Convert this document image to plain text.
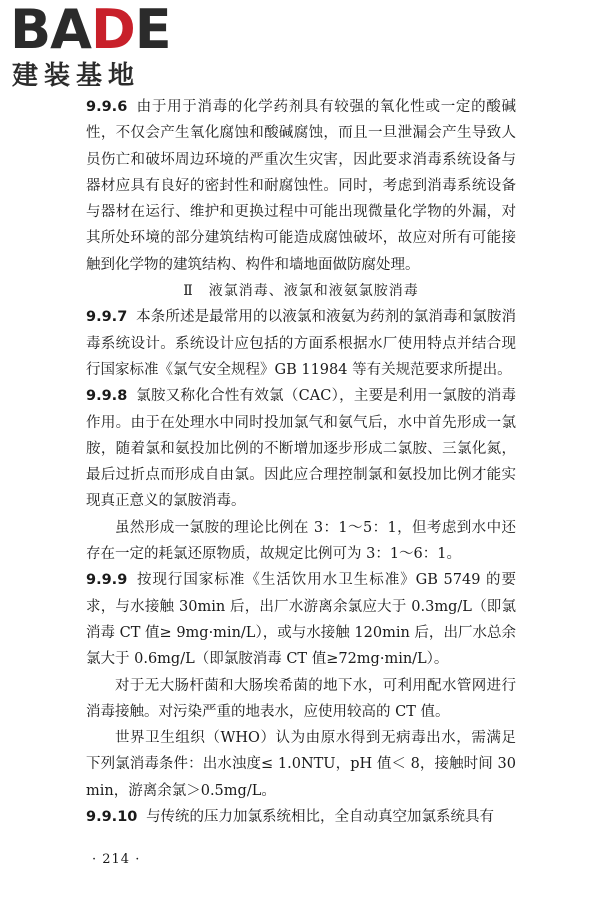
BADE
建装基地

9.9.6 由于用于消毒的化学药剂具有较强的氧化性或一定的酸碱性，不仅会产生氧化腐蚀和酸碱腐蚀，而且一旦泄漏会产生导致人员伤亡和破坏周边环境的严重次生灾害，因此要求消毒系统设备与器材应具有良好的密封性和耐腐蚀性。同时，考虑到消毒系统设备与器材在运行、维护和更换过程中可能出现微量化学物的外漏，对其所处环境的部分建筑结构可能造成腐蚀破坏，故应对所有可能接触到化学物的建筑结构、构件和墙地面做防腐处理。

Ⅱ　液氯消毒、液氯和液氨氯胺消毒

9.9.7 本条所述是最常用的以液氯和液氨为药剂的氯消毒和氯胺消毒系统设计。系统设计应包括的方面系根据水厂使用特点并结合现行国家标准《氯气安全规程》GB 11984 等有关规范要求所提出。

9.9.8 氯胺又称化合性有效氯（CAC），主要是利用一氯胺的消毒作用。由于在处理水中同时投加氯气和氨气后，水中首先形成一氯胺，随着氯和氨投加比例的不断增加逐步形成二氯胺、三氯化氮，最后过折点而形成自由氯。因此应合理控制氯和氨投加比例才能实现真正意义的氯胺消毒。

虽然形成一氯胺的理论比例在 3：1～5：1，但考虑到水中还存在一定的耗氯还原物质，故规定比例可为 3：1～6：1。

9.9.9 按现行国家标准《生活饮用水卫生标准》GB 5749 的要求，与水接触 30min 后，出厂水游离余氯应大于 0.3mg/L（即氯消毒 CT 值≥ 9mg·min/L），或与水接触 120min 后，出厂水总余氯大于 0.6mg/L（即氯胺消毒 CT 值≥72mg·min/L）。

对于无大肠杆菌和大肠埃希菌的地下水，可利用配水管网进行消毒接触。对污染严重的地表水，应使用较高的 CT 值。

世界卫生组织（WHO）认为由原水得到无病毒出水，需满足下列氯消毒条件：出水浊度≤ 1.0NTU，pH 值＜ 8，接触时间 30min，游离余氯＞0.5mg/L。

9.9.10 与传统的压力加氯系统相比，全自动真空加氯系统具有

· 214 ·
